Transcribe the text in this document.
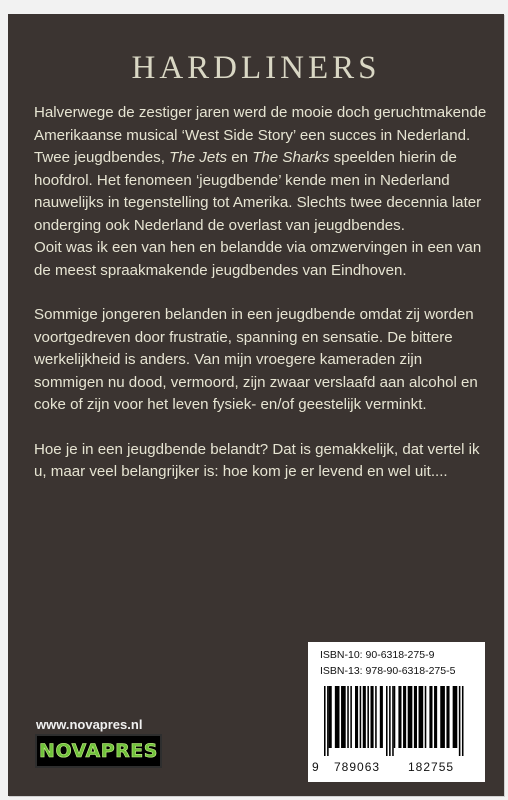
HARDLINERS

Halverwege de zestiger jaren werd de mooie doch geruchtmakende Amerikaanse musical ‘West Side Story’ een succes in Nederland. Twee jeugdbendes, The Jets en The Sharks speelden hierin de hoofdrol. Het fenomeen ‘jeugdbende’ kende men in Nederland nauwelijks in tegenstelling tot Amerika. Slechts twee decennia later onderging ook Nederland de overlast van jeugdbendes.

Ooit was ik een van hen en belandde via omzwervingen in een van de meest spraakmakende jeugdbendes van Eindhoven.

Sommige jongeren belanden in een jeugdbende omdat zij worden voortgedreven door frustratie, spanning en sensatie. De bittere werkelijkheid is anders. Van mijn vroegere kameraden zijn sommigen nu dood, vermoord, zijn zwaar verslaafd aan alcohol en coke of zijn voor het leven fysiek- en/of geestelijk verminkt.

Hoe je in een jeugdbende belandt? Dat is gemakkelijk, dat vertel ik u, maar veel belangrijker is: hoe kom je er levend en wel uit....

www.novapres.nl
NOVAPRES
ISBN-10: 90-6318-275-9
ISBN-13: 978-90-6318-275-5
9 789063 182755
